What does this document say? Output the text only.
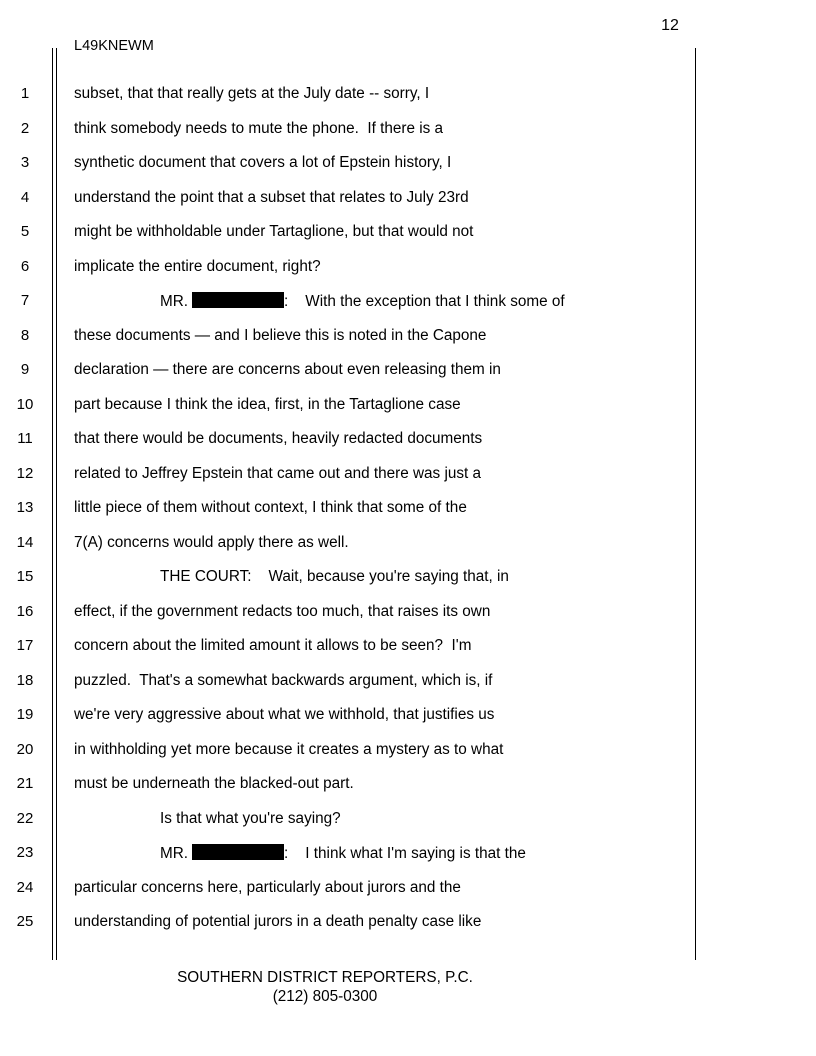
12
L49KNEWM
1
2
3
4
5
6
7
8
9
10
11
12
13
14
15
16
17
18
19
20
21
22
23
24
25
subset, that that really gets at the July date -- sorry, I
think somebody needs to mute the phone.  If there is a
synthetic document that covers a lot of Epstein history, I
understand the point that a subset that relates to July 23rd
might be withholdable under Tartaglione, but that would not
implicate the entire document, right?
MR.	:    With the exception that I think some of
these documents — and I believe this is noted in the Capone
declaration — there are concerns about even releasing them in
part because I think the idea, first, in the Tartaglione case
that there would be documents, heavily redacted documents
related to Jeffrey Epstein that came out and there was just a
little piece of them without context, I think that some of the
7(A) concerns would apply there as well.
THE COURT:    Wait, because you're saying that, in
effect, if the government redacts too much, that raises its own
concern about the limited amount it allows to be seen?  I'm
puzzled.  That's a somewhat backwards argument, which is, if
we're very aggressive about what we withhold, that justifies us
in withholding yet more because it creates a mystery as to what
must be underneath the blacked-out part.
Is that what you're saying?
MR.	:    I think what I'm saying is that the
particular concerns here, particularly about jurors and the
understanding of potential jurors in a death penalty case like
SOUTHERN DISTRICT REPORTERS, P.C.
(212) 805-0300
